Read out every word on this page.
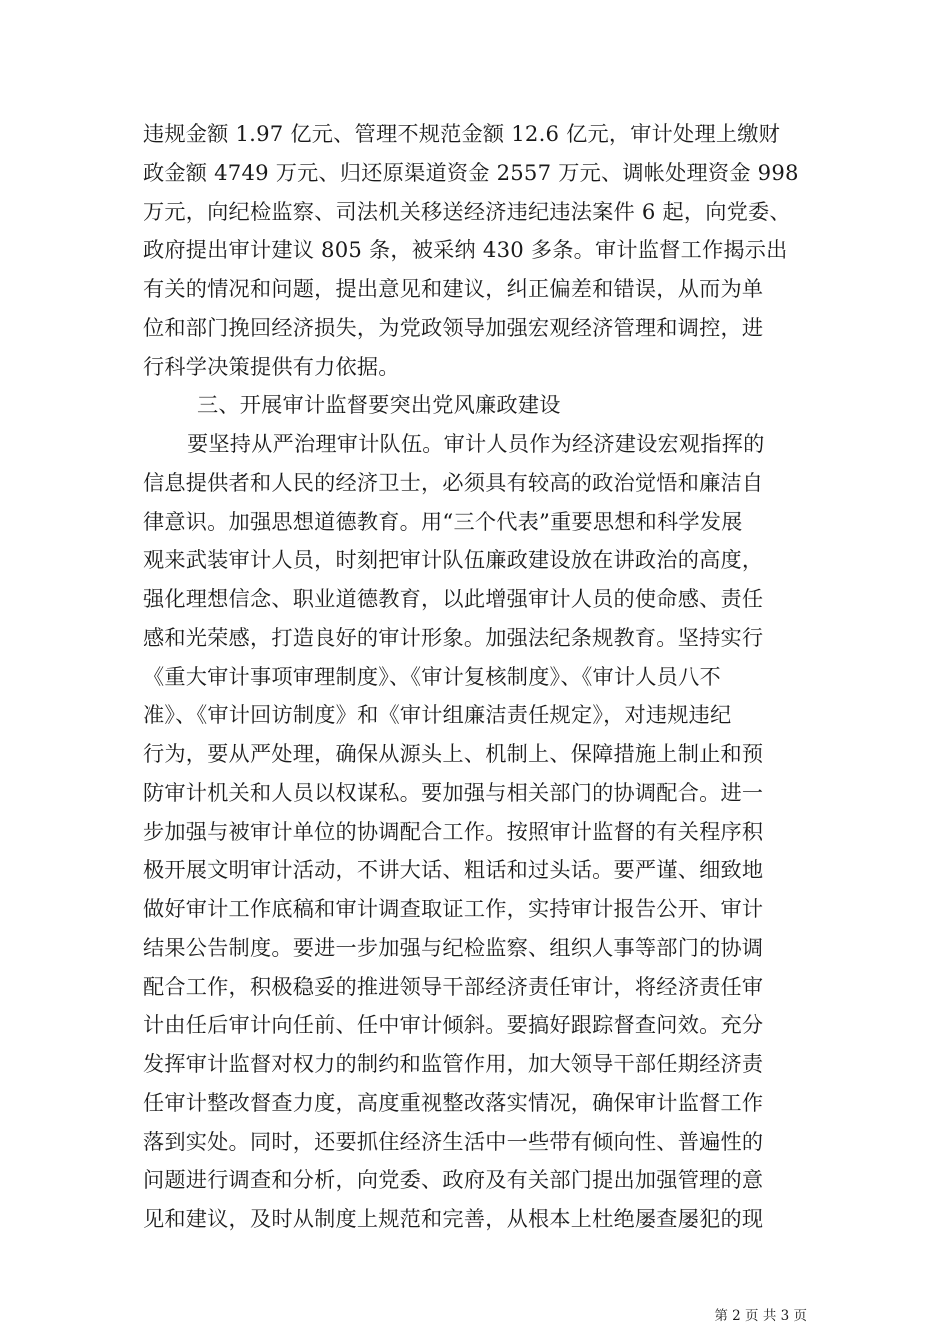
违规金额 1.97 亿元、管理不规范金额 12.6 亿元，审计处理上缴财
政金额 4749 万元、归还原渠道资金 2557 万元、调帐处理资金 998
万元，向纪检监察、司法机关移送经济违纪违法案件 6 起，向党委、
政府提出审计建议 805 条，被采纳 430 多条。审计监督工作揭示出
有关的情况和问题，提出意见和建议，纠正偏差和错误，从而为单
位和部门挽回经济损失，为党政领导加强宏观经济管理和调控，进
行科学决策提供有力依据。
三、开展审计监督要突出党风廉政建设
要坚持从严治理审计队伍。审计人员作为经济建设宏观指挥的
信息提供者和人民的经济卫士，必须具有较高的政治觉悟和廉洁自
律意识。加强思想道德教育。用“三个代表”重要思想和科学发展
观来武装审计人员，时刻把审计队伍廉政建设放在讲政治的高度，
强化理想信念、职业道德教育，以此增强审计人员的使命感、责任
感和光荣感，打造良好的审计形象。加强法纪条规教育。坚持实行
《重大审计事项审理制度》、《审计复核制度》、《审计人员八不
准》、《审计回访制度》和《审计组廉洁责任规定》，对违规违纪
行为，要从严处理，确保从源头上、机制上、保障措施上制止和预
防审计机关和人员以权谋私。要加强与相关部门的协调配合。进一
步加强与被审计单位的协调配合工作。按照审计监督的有关程序积
极开展文明审计活动，不讲大话、粗话和过头话。要严谨、细致地
做好审计工作底稿和审计调查取证工作，实持审计报告公开、审计
结果公告制度。要进一步加强与纪检监察、组织人事等部门的协调
配合工作，积极稳妥的推进领导干部经济责任审计，将经济责任审
计由任后审计向任前、任中审计倾斜。要搞好跟踪督查问效。充分
发挥审计监督对权力的制约和监管作用，加大领导干部任期经济责
任审计整改督查力度，高度重视整改落实情况，确保审计监督工作
落到实处。同时，还要抓住经济生活中一些带有倾向性、普遍性的
问题进行调查和分析，向党委、政府及有关部门提出加强管理的意
见和建议，及时从制度上规范和完善，从根本上杜绝屡查屡犯的现
第 2 页 共 3 页
